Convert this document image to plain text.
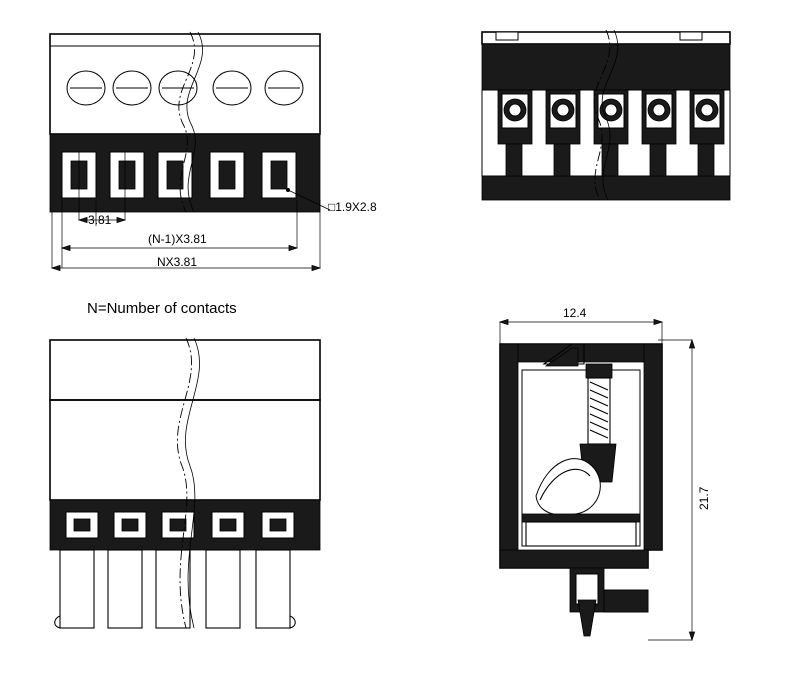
3.81
(N-1)X3.81
NX3.81
□1.9X2.8
N=Number of contacts	12.4
21.7
